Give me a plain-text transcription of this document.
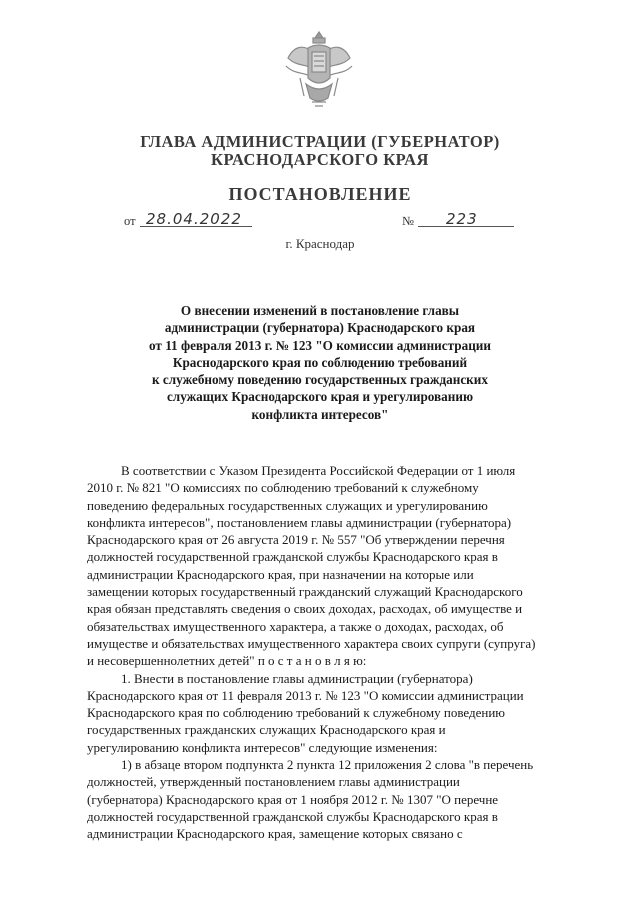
ГЛАВА АДМИНИСТРАЦИИ (ГУБЕРНАТОР)
КРАСНОДАРСКОГО КРАЯ
ПОСТАНОВЛЕНИЕ
от 28.04.2022	№ 223
г. Краснодар
О внесении изменений в постановление главы
администрации (губернатора) Краснодарского края
от 11 февраля 2013 г. № 123 "О комиссии администрации
Краснодарского края по соблюдению требований
к служебному поведению государственных гражданских
служащих Краснодарского края и урегулированию
конфликта интересов"
В соответствии с Указом Президента Российской Федерации от 1 июля
2010 г. № 821 "О комиссиях по соблюдению требований к служебному
поведению федеральных государственных служащих и урегулированию
конфликта интересов", постановлением главы администрации (губернатора)
Краснодарского края от 26 августа 2019 г. № 557 "Об утверждении перечня
должностей государственной гражданской службы Краснодарского края в
администрации Краснодарского края, при назначении на которые или
замещении которых государственный гражданский служащий Краснодарского
края обязан представлять сведения о своих доходах, расходах, об имуществе и
обязательствах имущественного характера, а также о доходах, расходах, об
имуществе и обязательствах имущественного характера своих супруги (супруга)
и несовершеннолетних детей" п о с т а н о в л я ю:
1. Внести в постановление главы администрации (губернатора)
Краснодарского края от 11 февраля 2013 г. № 123 "О комиссии администрации
Краснодарского края по соблюдению требований к служебному поведению
государственных гражданских служащих Краснодарского края и
урегулированию конфликта интересов" следующие изменения:
1) в абзаце втором подпункта 2 пункта 12 приложения 2 слова "в перечень
должностей, утвержденный постановлением главы администрации
(губернатора) Краснодарского края от 1 ноября 2012 г. № 1307 "О перечне
должностей государственной гражданской службы Краснодарского края в
администрации Краснодарского края, замещение которых связано с
